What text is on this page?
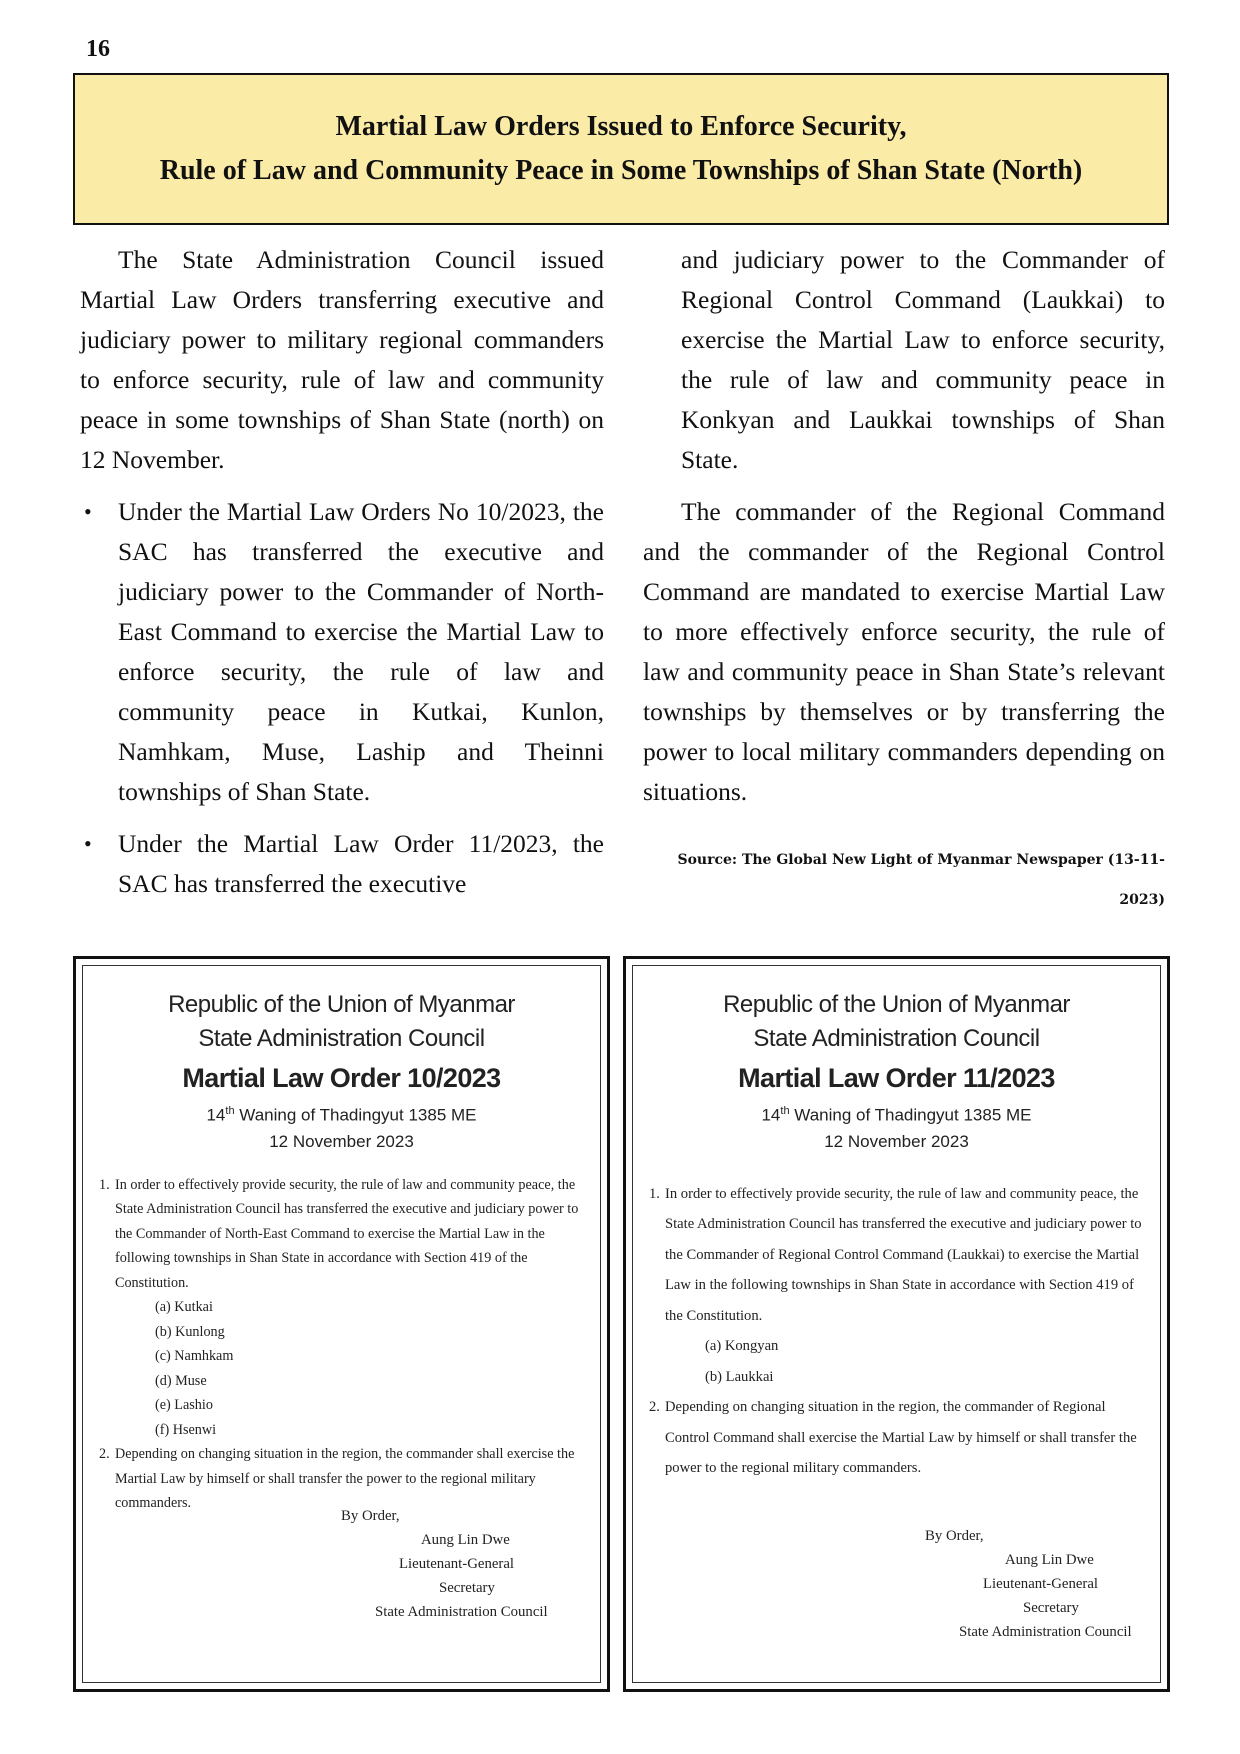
16
Martial Law Orders Issued to Enforce Security,
Rule of Law and Community Peace in Some Townships of Shan State (North)

The State Administration Council issued Martial Law Orders transferring executive and judiciary power to military regional commanders to enforce security, rule of law and community peace in some townships of Shan State (north) on 12 November.

• Under the Martial Law Orders No 10/2023, the SAC has transferred the executive and judiciary power to the Commander of North-East Command to exercise the Martial Law to enforce security, the rule of law and community peace in Kutkai, Kunlon, Namhkam, Muse, Laship and Theinni townships of Shan State.
• Under the Martial Law Order 11/2023, the SAC has transferred the executive

and judiciary power to the Commander of Regional Control Command (Laukkai) to exercise the Martial Law to enforce security, the rule of law and community peace in Konkyan and Laukkai townships of Shan State.

The commander of the Regional Command and the commander of the Regional Control Command are mandated to exercise Martial Law to more effectively enforce security, the rule of law and community peace in Shan State’s relevant townships by themselves or by transferring the power to local military commanders depending on situations.

Source: The Global New Light of Myanmar Newspaper (13-11-2023)

Republic of the Union of Myanmar
State Administration Council
Martial Law Order 10/2023
14th Waning of Thadingyut 1385 ME
12 November 2023
1. In order to effectively provide security, the rule of law and community peace, the State Administration Council has transferred the executive and judiciary power to the Commander of North-East Command to exercise the Martial Law in the following townships in Shan State in accordance with Section 419 of the Constitution.
(a) Kutkai
(b) Kunlong
(c) Namhkam
(d) Muse
(e) Lashio
(f) Hsenwi
2. Depending on changing situation in the region, the commander shall exercise the Martial Law by himself or shall transfer the power to the regional military commanders.
By Order,
Aung Lin Dwe
Lieutenant-General
Secretary
State Administration Council
Republic of the Union of Myanmar
State Administration Council
Martial Law Order 11/2023
14th Waning of Thadingyut 1385 ME
12 November 2023
1. In order to effectively provide security, the rule of law and community peace, the State Administration Council has transferred the executive and judiciary power to the Commander of Regional Control Command (Laukkai) to exercise the Martial Law in the following townships in Shan State in accordance with Section 419 of the Constitution.
(a) Kongyan
(b) Laukkai
2. Depending on changing situation in the region, the commander of Regional Control Command shall exercise the Martial Law by himself or shall transfer the power to the regional military commanders.
By Order,
Aung Lin Dwe
Lieutenant-General
Secretary
State Administration Council
